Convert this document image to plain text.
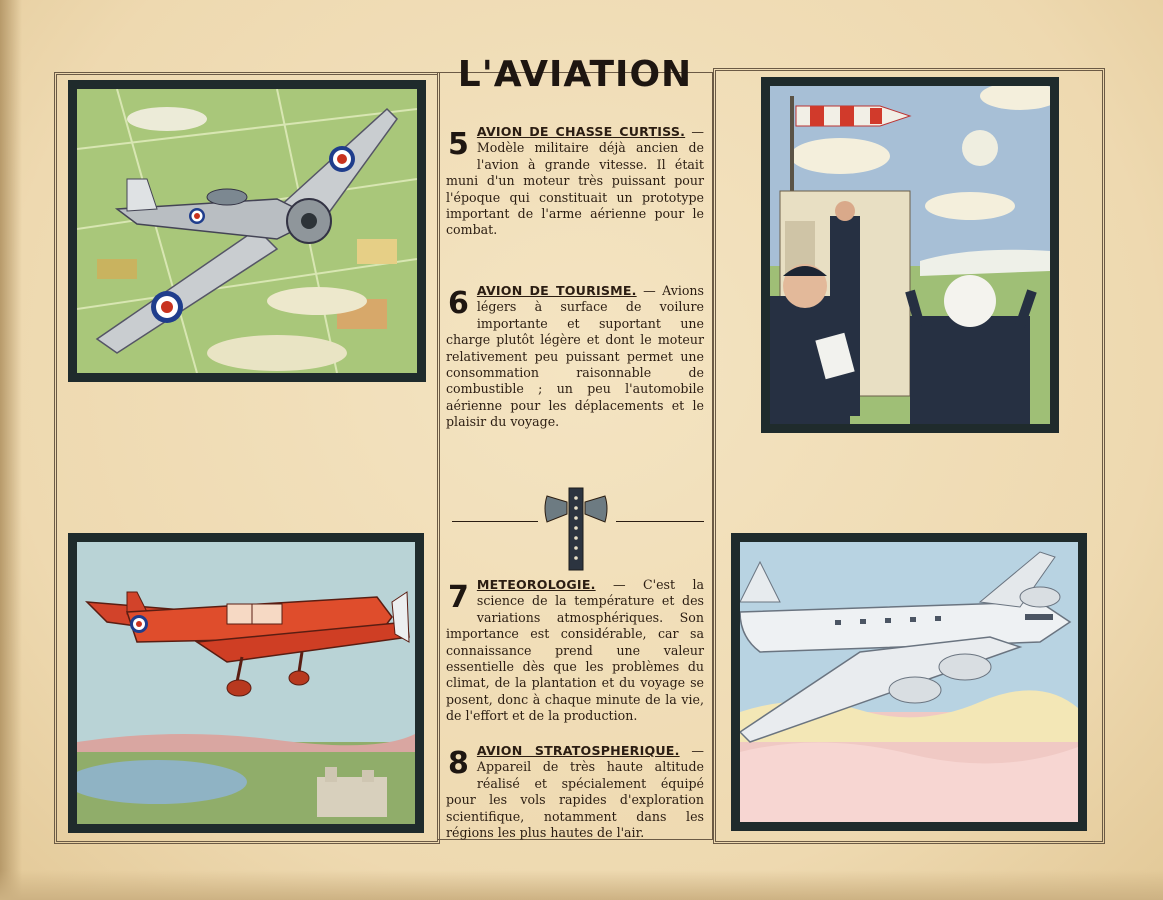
L'AVIATION
5 AVION DE CHASSE CURTISS. — Modèle militaire déjà ancien de l'avion à grande vitesse. Il était muni d'un moteur très puissant pour l'époque qui constituait un prototype important de l'arme aérienne pour le combat.
6 AVION DE TOURISME. — Avions légers à surface de voilure importante et suportant une charge plutôt légère et dont le moteur relativement peu puissant permet une consommation raisonnable de combustible ; un peu l'automobile aérienne pour les déplacements et le plaisir du voyage.
7 METEOROLOGIE. — C'est la science de la température et des variations atmosphériques. Son importance est considérable, car sa connaissance prend une valeur essentielle dès que les problèmes du climat, de la plantation et du voyage se posent, donc à chaque minute de la vie, de l'effort et de la production.
8 AVION STRATOSPHERIQUE. — Appareil de très haute altitude réalisé et spécialement équipé pour les vols rapides d'exploration scientifique, notamment dans les régions les plus hautes de l'air.
